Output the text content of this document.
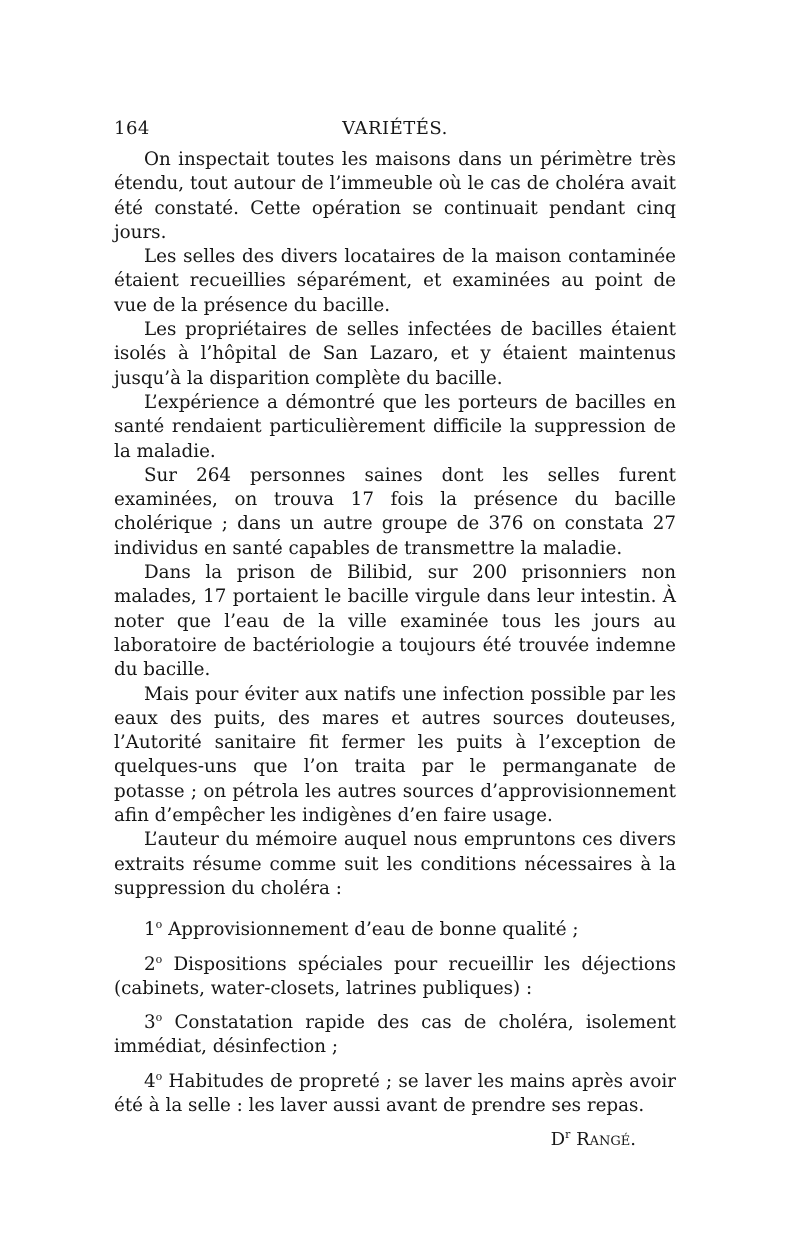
164	VARIÉTÉS.

On inspectait toutes les maisons dans un périmètre très étendu, tout autour de l’immeuble où le cas de choléra avait été constaté. Cette opération se continuait pendant cinq jours.

Les selles des divers locataires de la maison contaminée étaient recueillies séparément, et examinées au point de vue de la présence du bacille.

Les propriétaires de selles infectées de bacilles étaient isolés à l’hôpital de San Lazaro, et y étaient maintenus jusqu’à la disparition complète du bacille.

L’expérience a démontré que les porteurs de bacilles en santé rendaient particulièrement difficile la suppression de la maladie.

Sur 264 personnes saines dont les selles furent examinées, on trouva 17 fois la présence du bacille cholérique ; dans un autre groupe de 376 on constata 27 individus en santé capables de transmettre la maladie.

Dans la prison de Bilibid, sur 200 prisonniers non malades, 17 portaient le bacille virgule dans leur intestin. À noter que l’eau de la ville examinée tous les jours au laboratoire de bactériologie a toujours été trouvée indemne du bacille.

Mais pour éviter aux natifs une infection possible par les eaux des puits, des mares et autres sources douteuses, l’Autorité sanitaire fit fermer les puits à l’exception de quelques-uns que l’on traita par le permanganate de potasse ; on pétrola les autres sources d’approvisionnement afin d’empêcher les indigènes d’en faire usage.

L’auteur du mémoire auquel nous empruntons ces divers extraits résume comme suit les conditions nécessaires à la suppression du choléra :

1$^o$ Approvisionnement d’eau de bonne qualité ;

2$^o$ Dispositions spéciales pour recueillir les déjections (cabinets, water-closets, latrines publiques) :

3$^o$ Constatation rapide des cas de choléra, isolement immédiat, désinfection ;

4$^o$ Habitudes de propreté ; se laver les mains après avoir été à la selle : les laver aussi avant de prendre ses repas.

$D^r$ Rangé.
